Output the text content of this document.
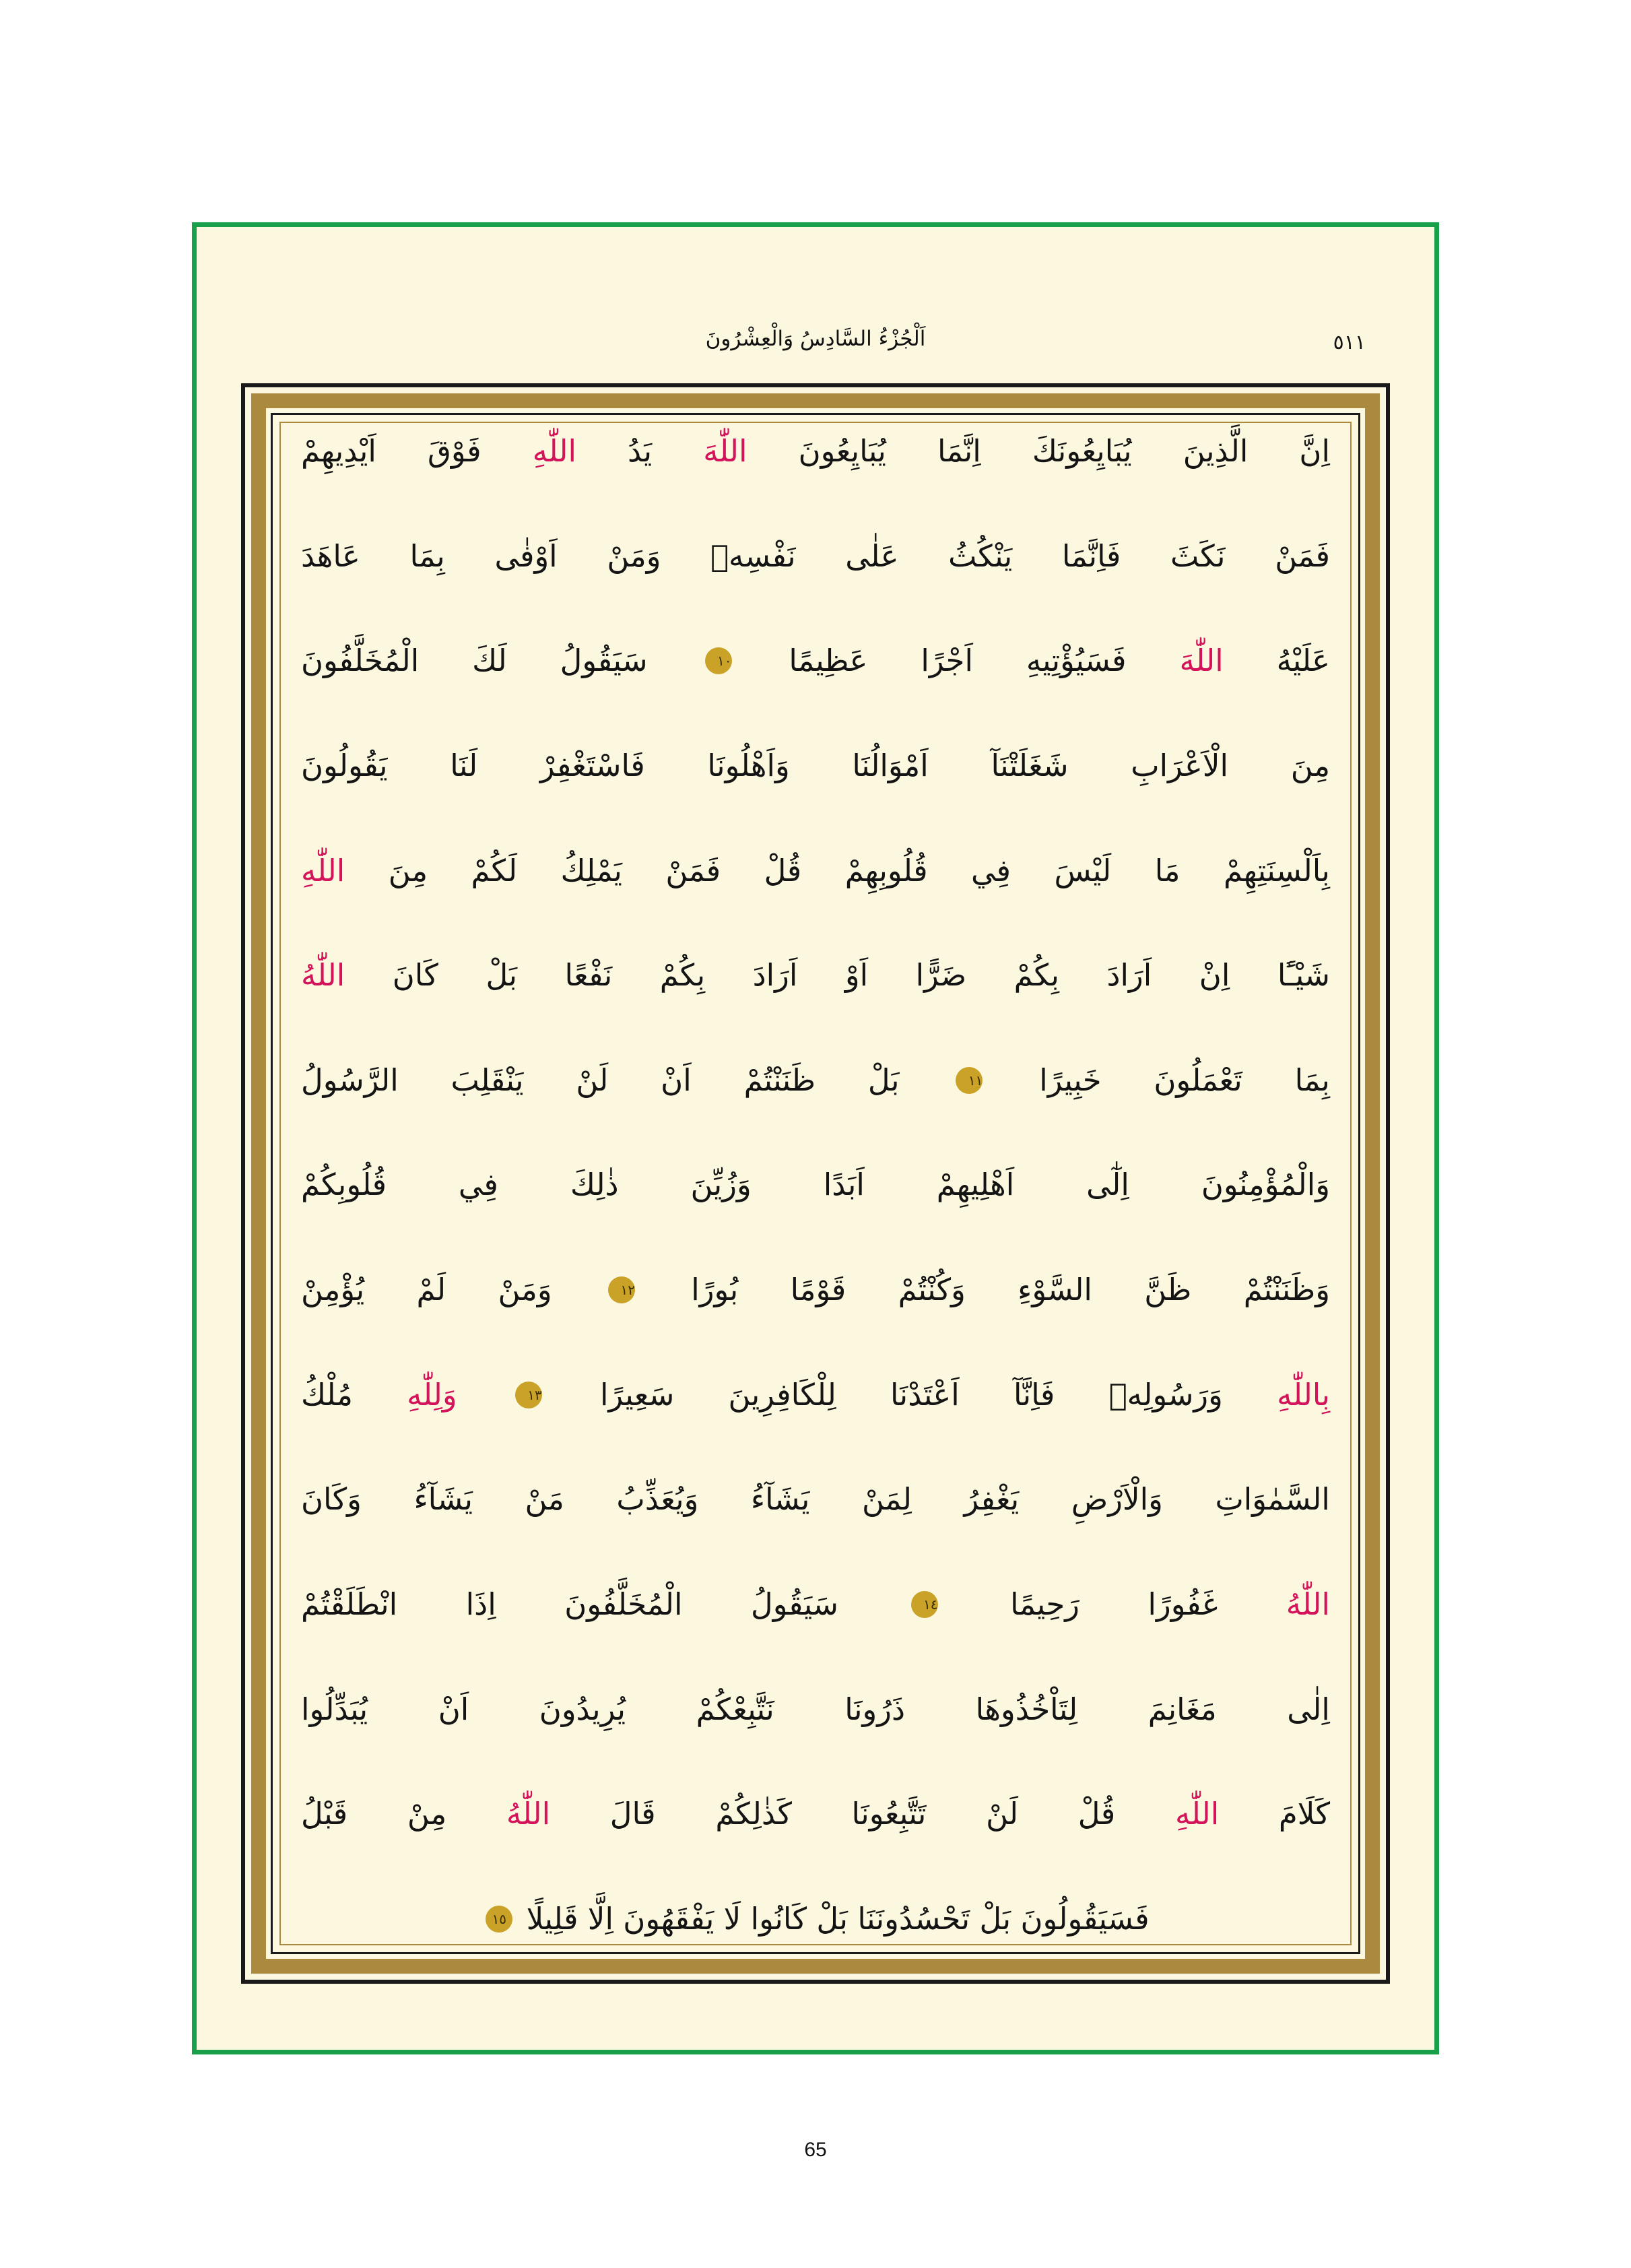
٥١١
اَلْجُزْءُ السَّادِسُ وَالْعِشْرُونَ
اِنَّ الَّذِينَ يُبَايِعُونَكَ اِنَّمَا يُبَايِعُونَ اللّٰهَ يَدُ اللّٰهِ فَوْقَ اَيْدِيهِمْ
فَمَنْ نَكَثَ فَاِنَّمَا يَنْكُثُ عَلٰى نَفْسِهٖ وَمَنْ اَوْفٰى بِمَا عَاهَدَ
عَلَيْهُ اللّٰهَ فَسَيُؤْتِيهِ اَجْرًا عَظِيمًا ١٠ سَيَقُولُ لَكَ الْمُخَلَّفُونَ
مِنَ الْاَعْرَابِ شَغَلَتْنَآ اَمْوَالُنَا وَاَهْلُونَا فَاسْتَغْفِرْ لَنَا يَقُولُونَ
بِاَلْسِنَتِهِمْ مَا لَيْسَ فِي قُلُوبِهِمْ قُلْ فَمَنْ يَمْلِكُ لَكُمْ مِنَ اللّٰهِ
شَيْـًٔا اِنْ اَرَادَ بِكُمْ ضَرًّا اَوْ اَرَادَ بِكُمْ نَفْعًا بَلْ كَانَ اللّٰهُ
بِمَا تَعْمَلُونَ خَبِيرًا ١١ بَلْ ظَنَنْتُمْ اَنْ لَنْ يَنْقَلِبَ الرَّسُولُ
وَالْمُؤْمِنُونَ اِلٰٓى اَهْلِيهِمْ اَبَدًا وَزُيِّنَ ذٰلِكَ فِي قُلُوبِكُمْ
وَظَنَنْتُمْ ظَنَّ السَّوْءِ وَكُنْتُمْ قَوْمًا بُورًا ١٢ وَمَنْ لَمْ يُؤْمِنْ
بِاللّٰهِ وَرَسُولِهٖ فَاِنَّآ اَعْتَدْنَا لِلْكَافِرِينَ سَعِيرًا ١٣ وَلِلّٰهِ مُلْكُ
السَّمٰوَاتِ وَالْاَرْضِ يَغْفِرُ لِمَنْ يَشَآءُ وَيُعَذِّبُ مَنْ يَشَآءُ وَكَانَ
اللّٰهُ غَفُورًا رَحِيمًا ١٤ سَيَقُولُ الْمُخَلَّفُونَ اِذَا انْطَلَقْتُمْ
اِلٰى مَغَانِمَ لِتَاْخُذُوهَا ذَرُونَا نَتَّبِعْكُمْ يُرِيدُونَ اَنْ يُبَدِّلُوا
كَلَامَ اللّٰهِ قُلْ لَنْ تَتَّبِعُونَا كَذٰلِكُمْ قَالَ اللّٰهُ مِنْ قَبْلُ
فَسَيَقُولُونَ بَلْ تَحْسُدُونَنَا بَلْ كَانُوا لَا يَفْقَهُونَ اِلَّا قَلِيلًا ١٥
65
